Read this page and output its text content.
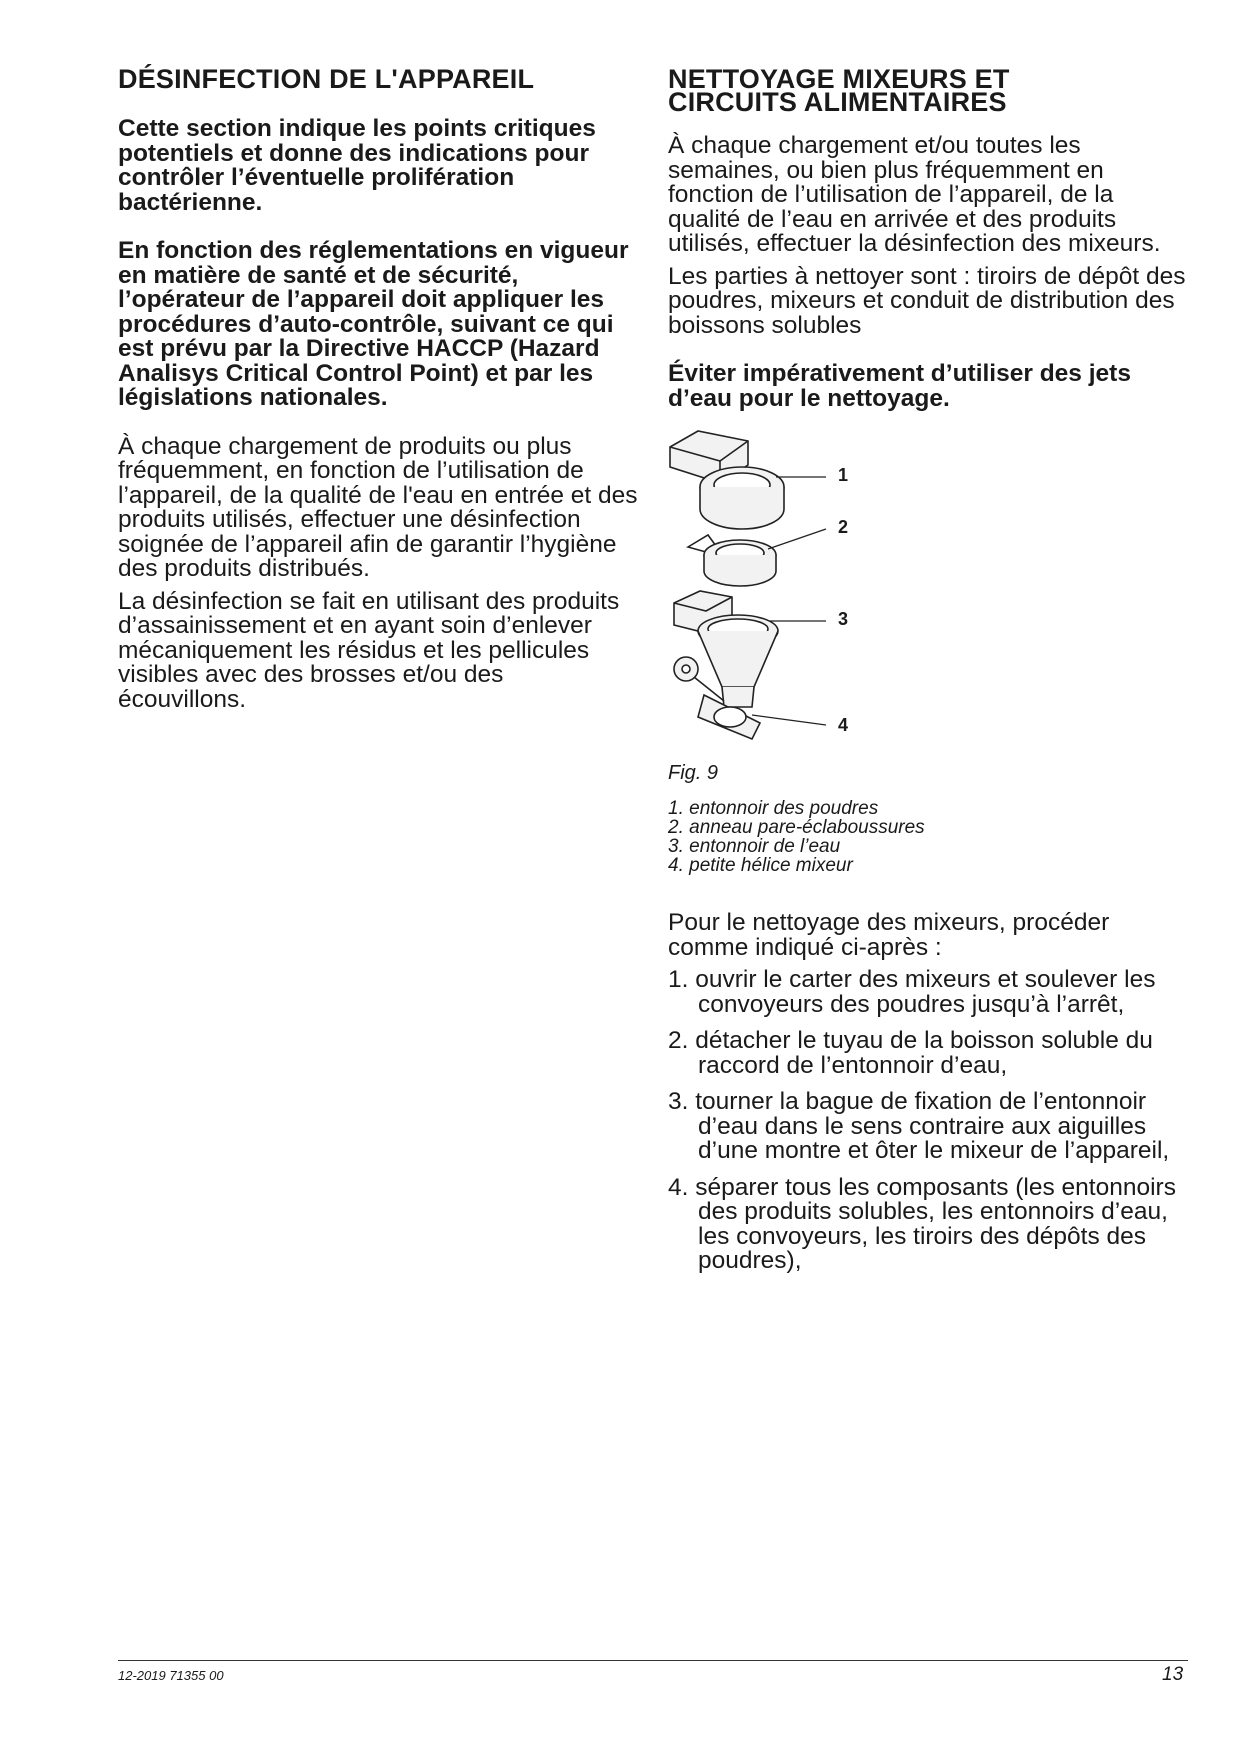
DÉSINFECTION DE L'APPAREIL

Cette section indique les points critiques potentiels et donne des indications pour contrôler l’éventuelle prolifération bactérienne.

En fonction des réglementations en vigueur en matière de santé et de sécurité, l’opérateur de l’appareil doit appliquer les procédures d’auto-contrôle, suivant ce qui est prévu par la Directive HACCP (Hazard Analisys Critical Control Point) et par les législations nationales.

À chaque chargement de produits ou plus fréquemment, en fonction de l’utilisation de l’appareil, de la qualité de l'eau en entrée et des produits utilisés, effectuer une désinfection soignée de l’appareil afin de garantir l’hygiène des produits distribués.

La désinfection se fait en utilisant des produits d’assainissement et en ayant soin d’enlever mécaniquement les résidus et les pellicules visibles avec des brosses et/ou des écouvillons.

NETTOYAGE MIXEURS ET
CIRCUITS ALIMENTAIRES

À chaque chargement et/ou toutes les semaines, ou bien plus fréquemment en fonction de l’utilisation de l’appareil, de la qualité de l’eau en arrivée et des produits utilisés, effectuer la désinfection des mixeurs.

Les parties à nettoyer sont : tiroirs de dépôt des poudres, mixeurs et conduit de distribution des boissons solubles

Éviter impérativement d’utiliser des jets d’eau pour le nettoyage.

1
2
3
4
Fig. 9
1. entonnoir des poudres
2. anneau pare-éclaboussures
3. entonnoir de l’eau
4. petite hélice mixeur

Pour le nettoyage des mixeurs, procéder comme indiqué ci-après :

1. ouvrir le carter des mixeurs et soulever les convoyeurs des poudres jusqu’à l’arrêt,
2. détacher le tuyau de la boisson soluble du raccord de l’entonnoir d’eau,
3. tourner la bague de fixation de l’entonnoir d’eau dans le sens contraire aux aiguilles d’une montre et ôter le mixeur de l’appareil,
4. séparer tous les composants (les entonnoirs des produits solubles, les entonnoirs d’eau, les convoyeurs, les tiroirs des dépôts des poudres),
12-2019 71355 00	13
